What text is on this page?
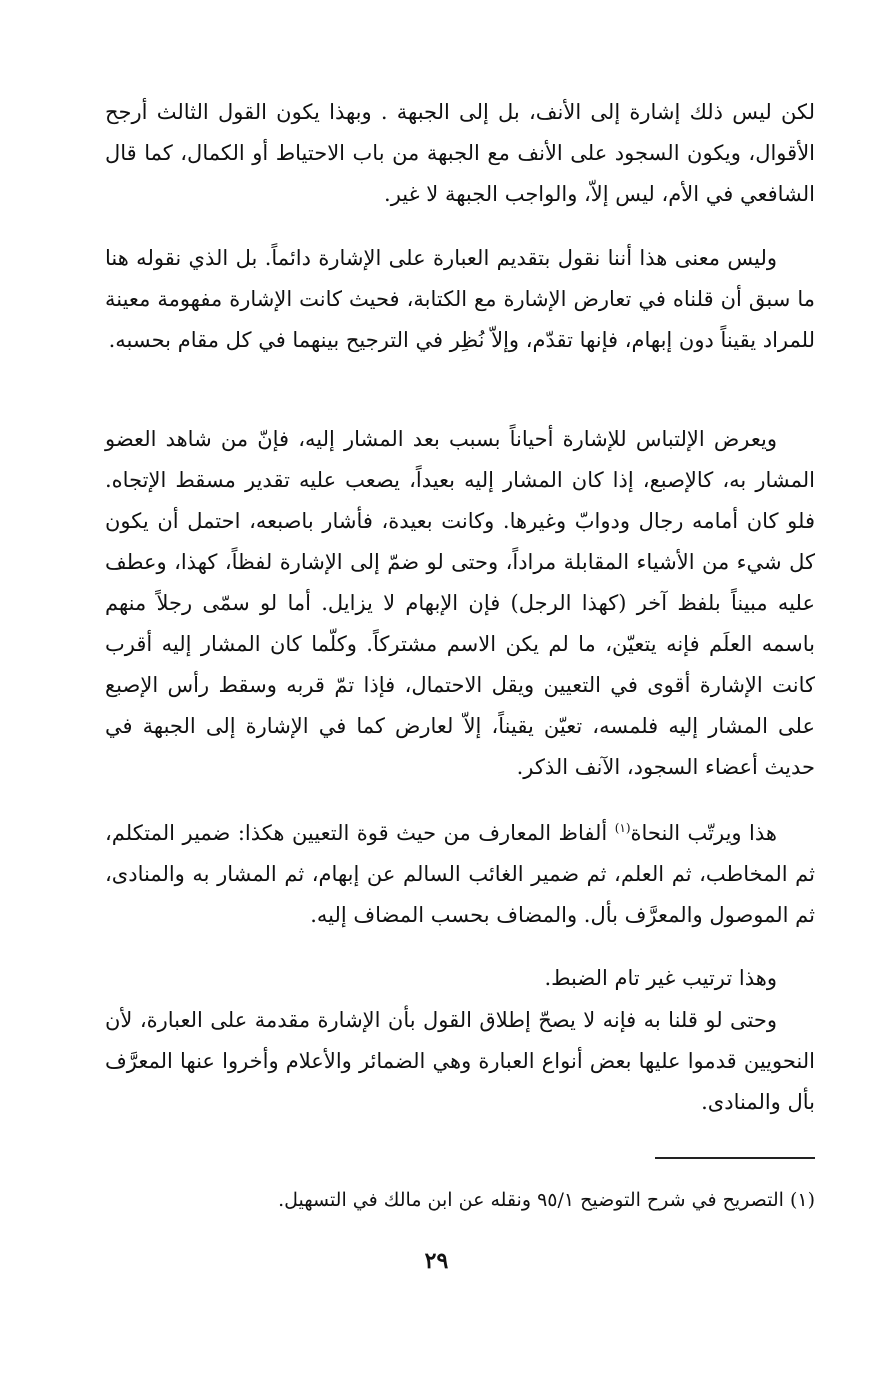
لكن ليس ذلك إشارة إلى الأنف، بل إلى الجبهة . وبهذا يكون القول الثالث أرجح الأقوال، ويكون السجود على الأنف مع الجبهة من باب الاحتياط أو الكمال، كما قال الشافعي في الأم، ليس إلاّ، والواجب الجبهة لا غير.

وليس معنى هذا أننا نقول بتقديم العبارة على الإشارة دائماً. بل الذي نقوله هنا ما سبق أن قلناه في تعارض الإشارة مع الكتابة، فحيث كانت الإشارة مفهومة معينة للمراد يقيناً دون إبهام، فإنها تقدّم، وإلاّ نُظِر في الترجيح بينهما في كل مقام بحسبه.

ويعرض الإلتباس للإشارة أحياناً بسبب بعد المشار إليه، فإنّ من شاهد العضو المشار به، كالإصبع، إذا كان المشار إليه بعيداً، يصعب عليه تقدير مسقط الإتجاه. فلو كان أمامه رجال ودوابّ وغيرها. وكانت بعيدة، فأشار باصبعه، احتمل أن يكون كل شيء من الأشياء المقابلة مراداً، وحتى لو ضمّ إلى الإشارة لفظاً، كهذا، وعطف عليه مبيناً بلفظ آخر (كهذا الرجل) فإن الإبهام لا يزايل. أما لو سمّى رجلاً منهم باسمه العلَم فإنه يتعيّن، ما لم يكن الاسم مشتركاً. وكلّما كان المشار إليه أقرب كانت الإشارة أقوى في التعيين ويقل الاحتمال، فإذا تمّ قربه وسقط رأس الإصبع على المشار إليه فلمسه، تعيّن يقيناً، إلاّ لعارض كما في الإشارة إلى الجبهة في حديث أعضاء السجود، الآنف الذكر.

هذا ويرتّب النحاة$^{(١)}$ ألفاظ المعارف من حيث قوة التعيين هكذا: ضمير المتكلم، ثم المخاطب، ثم العلم، ثم ضمير الغائب السالم عن إبهام، ثم المشار به والمنادى، ثم الموصول والمعرَّف بأل. والمضاف بحسب المضاف إليه.

وهذا ترتيب غير تام الضبط.

وحتى لو قلنا به فإنه لا يصحّ إطلاق القول بأن الإشارة مقدمة على العبارة، لأن النحويين قدموا عليها بعض أنواع العبارة وهي الضمائر والأعلام وأخروا عنها المعرَّف بأل والمنادى.

(١) التصريح في شرح التوضيح ٩٥/١ ونقله عن ابن مالك في التسهيل.

٢٩
